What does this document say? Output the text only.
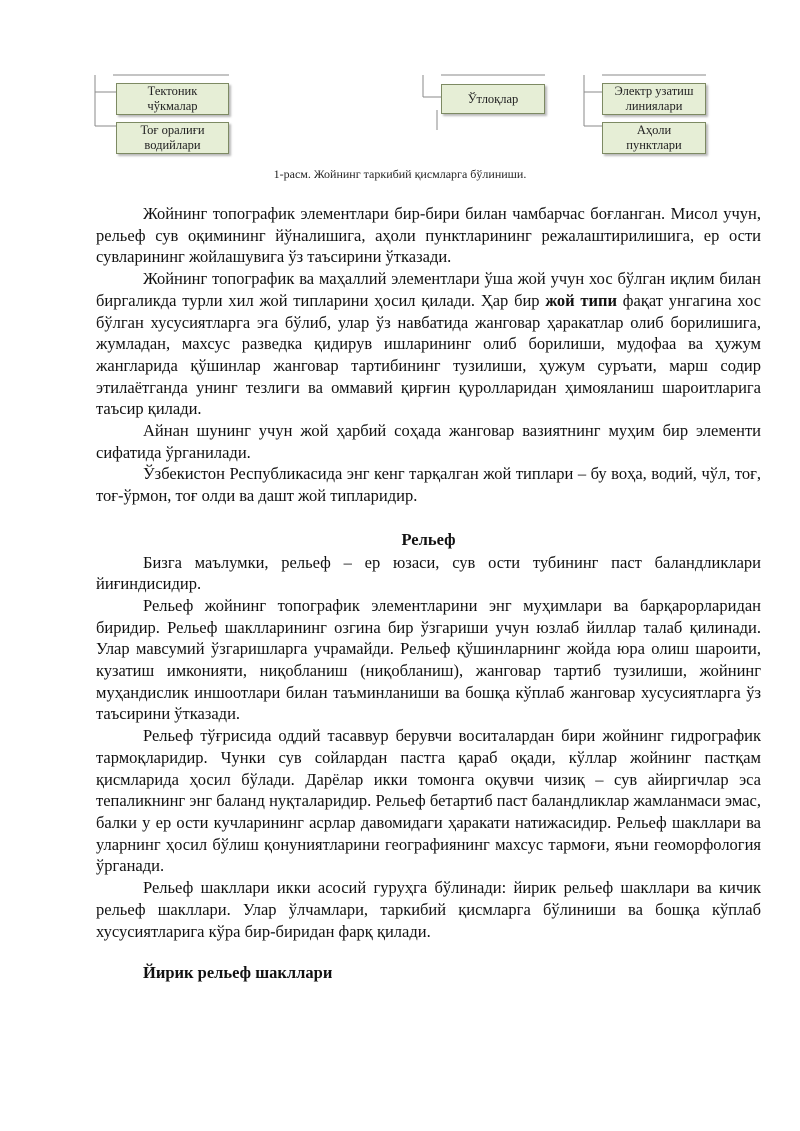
Тектоник
чўкмалар
Тоғ оралиғи
водийлари
Ўтлоқлар
Электр узатиш
линиялари
Аҳоли
пунктлари
1-расм. Жойнинг таркибий қисмларга бўлиниши.

Жойнинг топографик элементлари бир-бири билан чамбарчас боғланган. Мисол учун, рельеф сув оқимининг йўналишига, аҳоли пунктларининг режалаштирилишига, ер ости сувларининг жойлашувига ўз таъсирини ўтказади.

Жойнинг топографик ва маҳаллий элементлари ўша жой учун хос бўлган иқлим билан биргаликда турли хил жой типларини ҳосил қилади. Ҳар бир жой типи фақат унгагина хос бўлган хусусиятларга эга бўлиб, улар ўз навбатида жанговар ҳаракатлар олиб борилишига, жумладан, махсус разведка қидирув ишларининг олиб борилиши, мудофаа ва ҳужум жангларида қўшинлар жанговар тартибининг тузилиши, ҳужум суръати, марш содир этилаётганда унинг тезлиги ва оммавий қирғин қуролларидан ҳимояланиш шароитларига таъсир қилади.

Айнан шунинг учун жой ҳарбий соҳада жанговар вазиятнинг муҳим бир элементи сифатида ўрганилади.

Ўзбекистон Республикасида энг кенг тарқалган жой типлари – бу воҳа, водий, чўл, тоғ, тоғ-ўрмон, тоғ олди ва дашт жой типларидир.

Рельеф

Бизга маълумки, рельеф – ер юзаси, сув ости тубининг паст баландликлари йиғиндисидир.

Рельеф жойнинг топографик элементларини энг муҳимлари ва барқарорларидан биридир. Рельеф шаклларининг озгина бир ўзгариши учун юзлаб йиллар талаб қилинади. Улар мавсумий ўзгаришларга учрамайди. Рельеф қўшинларнинг жойда юра олиш шароити, кузатиш имконияти, ниқобланиш (ниқобланиш), жанговар тартиб тузилиши, жойнинг муҳандислик иншоотлари билан таъминланиши ва бошқа кўплаб жанговар хусусиятларга ўз таъсирини ўтказади.

Рельеф тўғрисида оддий тасаввур берувчи воситалардан бири жойнинг гидрографик тармоқларидир. Чунки сув сойлардан пастга қараб оқади, кўллар жойнинг пастқам қисмларида ҳосил бўлади. Дарёлар икки томонга оқувчи чизиқ – сув айиргичлар эса тепаликнинг энг баланд нуқталаридир. Рельеф бетартиб паст баландликлар жамланмаси эмас, балки у ер ости кучларининг асрлар давомидаги ҳаракати натижасидир. Рельеф шакллари ва уларнинг ҳосил бўлиш қонуниятларини географиянинг махсус тармоғи, яъни геоморфология ўрганади.

Рельеф шакллари икки асосий гуруҳга бўлинади: йирик рельеф шакллари ва кичик рельеф шакллари. Улар ўлчамлари, таркибий қисмларга бўлиниши ва бошқа кўплаб хусусиятларига кўра бир-биридан фарқ қилади.

Йирик рельеф шакллари
